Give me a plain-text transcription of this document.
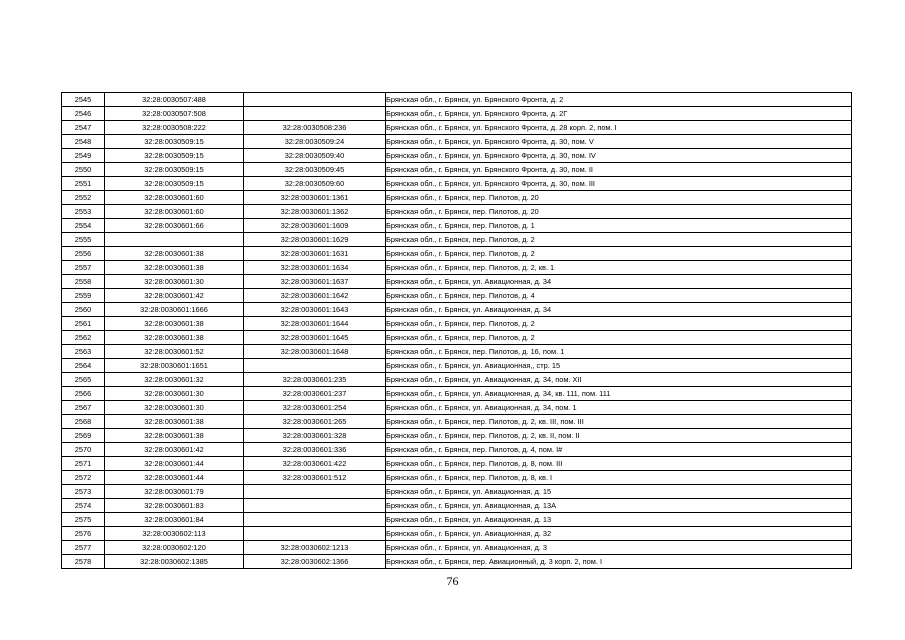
2545	32:28:0030507:488		Брянская обл., г. Брянск, ул. Брянского Фронта, д. 2
2546	32:28:0030507:508		Брянская обл., г. Брянск, ул. Брянского Фронта, д. 2Г
2547	32:28:0030508:222	32:28:0030508:236	Брянская обл., г. Брянск, ул. Брянского Фронта, д. 28 корп. 2, пом. I
2548	32:28:0030509:15	32:28:0030509:24	Брянская обл., г. Брянск, ул. Брянского Фронта, д. 30, пом. V
2549	32:28:0030509:15	32:28:0030509:40	Брянская обл., г. Брянск, ул. Брянского Фронта, д. 30, пом. IV
2550	32:28:0030509:15	32:28:0030509:45	Брянская обл., г. Брянск, ул. Брянского Фронта, д. 30, пом. II
2551	32:28:0030509:15	32:28:0030509:60	Брянская обл., г. Брянск, ул. Брянского Фронта, д. 30, пом. III
2552	32:28:0030601:60	32:28:0030601:1361	Брянская обл., г. Брянск, пер. Пилотов, д. 20
2553	32:28:0030601:60	32:28:0030601:1362	Брянская обл., г. Брянск, пер. Пилотов, д. 20
2554	32:28:0030601:66	32:28:0030601:1609	Брянская обл., г. Брянск, пер. Пилотов, д. 1
2555		32:28:0030601:1629	Брянская обл., г. Брянск, пер. Пилотов, д. 2
2556	32:28:0030601:38	32:28:0030601:1631	Брянская обл., г. Брянск, пер. Пилотов, д. 2
2557	32:28:0030601:38	32:28:0030601:1634	Брянская обл., г. Брянск, пер. Пилотов, д. 2, кв. 1
2558	32:28:0030601:30	32:28:0030601:1637	Брянская обл., г. Брянск, ул. Авиационная, д. 34
2559	32:28:0030601:42	32:28:0030601:1642	Брянская обл., г. Брянск, пер. Пилотов, д. 4
2560	32:28:0030601:1666	32:28:0030601:1643	Брянская обл., г. Брянск, ул. Авиационная, д. 34
2561	32:28:0030601:38	32:28:0030601:1644	Брянская обл., г. Брянск, пер. Пилотов, д. 2
2562	32:28:0030601:38	32:28:0030601:1645	Брянская обл., г. Брянск, пер. Пилотов, д. 2
2563	32:28:0030601:52	32:28:0030601:1648	Брянская обл., г. Брянск, пер. Пилотов, д. 16, пом. 1
2564	32:28:0030601:1651		Брянская обл., г. Брянск, ул. Авиационная,, стр. 15
2565	32:28:0030601:32	32:28:0030601:235	Брянская обл., г. Брянск, ул. Авиационная, д. 34, пом. XII
2566	32:28:0030601:30	32:28:0030601:237	Брянская обл., г. Брянск, ул. Авиационная, д. 34, кв. 111, пом. 111
2567	32:28:0030601:30	32:28:0030601:254	Брянская обл., г. Брянск, ул. Авиационная, д. 34, пом. 1
2568	32:28:0030601:38	32:28:0030601:265	Брянская обл., г. Брянск, пер. Пилотов, д. 2, кв. III, пом. III
2569	32:28:0030601:38	32:28:0030601:328	Брянская обл., г. Брянск, пер. Пилотов, д. 2, кв. II, пом. II
2570	32:28:0030601:42	32:28:0030601:336	Брянская обл., г. Брянск, пер. Пилотов, д. 4, пом. I#
2571	32:28:0030601:44	32:28:0030601:422	Брянская обл., г. Брянск, пер. Пилотов, д. 8, пом. III
2572	32:28:0030601:44	32:28:0030601:512	Брянская обл., г. Брянск, пер. Пилотов, д. 8, кв. I
2573	32:28:0030601:79		Брянская обл., г. Брянск, ул. Авиационная, д. 15
2574	32:28:0030601:83		Брянская обл., г. Брянск, ул. Авиационная, д. 13А
2575	32:28:0030601:84		Брянская обл., г. Брянск, ул. Авиационная, д. 13
2576	32:28:0030602:113		Брянская обл., г. Брянск, ул. Авиационная, д. 32
2577	32:28:0030602:120	32:28:0030602:1213	Брянская обл., г. Брянск, ул. Авиационная, д. 3
2578	32:28:0030602:1385	32:28:0030602:1366	Брянская обл., г. Брянск, пер. Авиационный, д. 3 корп. 2, пом. I
76
